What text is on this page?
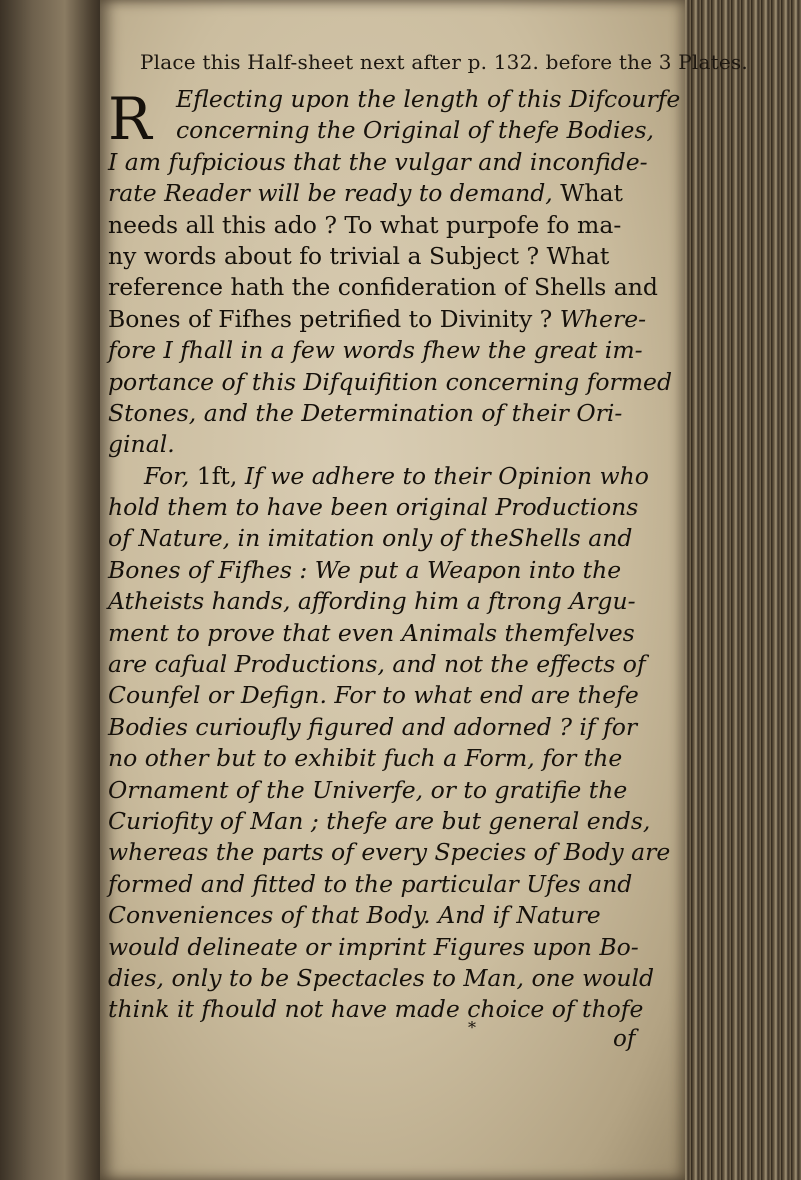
Place this Half-sheet next after p. 132. before the 3 Plates.
R	Eflecting upon the length of this Difcourfe
concerning the Original of thefe Bodies,
I am fufpicious that the vulgar and inconfide-
rate Reader will be ready to demand, What
needs all this ado ? To what purpofe fo ma-
ny words about fo trivial a Subject ? What
reference hath the confideration of Shells and
Bones of Fifhes petrified to Divinity ? Where-
fore I fhall in a few words fhew the great im-
portance of this Difquifition concerning formed
Stones, and the Determination of their Ori-
ginal.
For, 1ft, If we adhere to their Opinion who
hold them to have been original Productions
of Nature, in imitation only of theShells and
Bones of Fifhes : We put a Weapon into the
Atheists hands, affording him a ftrong Argu-
ment to prove that even Animals themfelves
are cafual Productions, and not the effects of
Counfel or Defign. For to what end are thefe
Bodies curioufly figured and adorned ? if for
no other but to exhibit fuch a Form, for the
Ornament of the Univerfe, or to gratifie the
Curiofity of Man ; thefe are but general ends,
whereas the parts of every Species of Body are
formed and fitted to the particular Ufes and
Conveniences of that Body. And if Nature
would delineate or imprint Figures upon Bo-
dies, only to be Spectacles to Man, one would
think it fhould not have made choice of thofe
*	of
